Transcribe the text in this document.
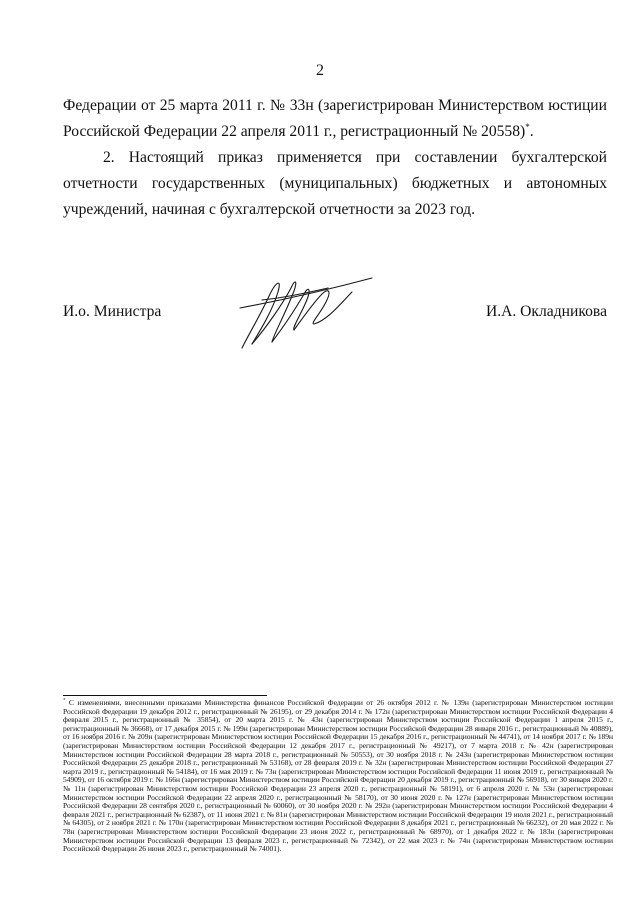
2
Федерации от 25 марта 2011 г. № 33н (зарегистрирован Министерством юстиции Российской Федерации 22 апреля 2011 г., регистрационный № 20558)*.
2. Настоящий приказ применяется при составлении бухгалтерской отчетности государственных (муниципальных) бюджетных и автономных учреждений, начиная с бухгалтерской отчетности за 2023 год.
И.о. Министра	И.А. Окладникова
* С изменениями, внесенными приказами Министерства финансов Российской Федерации от 26 октября 2012 г. № 139н (зарегистрирован Министерством юстиции Российской Федерации 19 декабря 2012 г., регистрационный № 26195), от 29 декабря 2014 г. № 172н (зарегистрирован Министерством юстиции Российской Федерации 4 февраля 2015 г., регистрационный № 35854), от 20 марта 2015 г. № 43н (зарегистрирован Министерством юстиции Российской Федерации 1 апреля 2015 г., регистрационный № 36668), от 17 декабря 2015 г. № 199н (зарегистрирован Министерством юстиции Российской Федерации 28 января 2016 г., регистрационный № 40889), от 16 ноября 2016 г. № 209н (зарегистрирован Министерством юстиции Российской Федерации 15 декабря 2016 г., регистрационный № 44741), от 14 ноября 2017 г. № 189н (зарегистрирован Министерством юстиции Российской Федерации 12 декабря 2017 г., регистрационный № 49217), от 7 марта 2018 г. № 42н (зарегистрирован Министерством юстиции Российской Федерации 28 марта 2018 г., регистрационный № 50553), от 30 ноября 2018 г. № 243н (зарегистрирован Министерством юстиции Российской Федерации 25 декабря 2018 г., регистрационный № 53168), от 28 февраля 2019 г. № 32н (зарегистрирован Министерством юстиции Российской Федерации 27 марта 2019 г., регистрационный № 54184), от 16 мая 2019 г. № 73н (зарегистрирован Министерством юстиции Российской Федерации 11 июня 2019 г., регистрационный № 54909), от 16 октября 2019 г. № 166н (зарегистрирован Министерством юстиции Российской Федерации 20 декабря 2019 г., регистрационный № 56918), от 30 января 2020 г. № 11н (зарегистрирован Министерством юстиции Российской Федерации 23 апреля 2020 г., регистрационный № 58191), от 6 апреля 2020 г. № 53н (зарегистрирован Министерством юстиции Российской Федерации 22 апреля 2020 г., регистрационный № 58170), от 30 июня 2020 г. № 127н (зарегистрирован Министерством юстиции Российской Федерации 28 сентября 2020 г., регистрационный № 60060), от 30 ноября 2020 г. № 292н (зарегистрирован Министерством юстиции Российской Федерации 4 февраля 2021 г., регистрационный № 62387), от 11 июня 2021 г. № 81н (зарегистрирован Министерством юстиции Российской Федерации 19 июля 2021 г., регистрационный № 64305), от 2 ноября 2021 г. № 170н (зарегистрирован Министерством юстиции Российской Федерации 8 декабря 2021 г., регистрационный № 66232), от 20 мая 2022 г. № 78н (зарегистрирован Министерством юстиции Российской Федерации 23 июня 2022 г., регистрационный № 68970), от 1 декабря 2022 г. № 183н (зарегистрирован Министерством юстиции Российской Федерации 13 февраля 2023 г., регистрационный № 72342), от 22 мая 2023 г. № 74н (зарегистрирован Министерством юстиции Российской Федерации 26 июня 2023 г., регистрационный № 74001).
